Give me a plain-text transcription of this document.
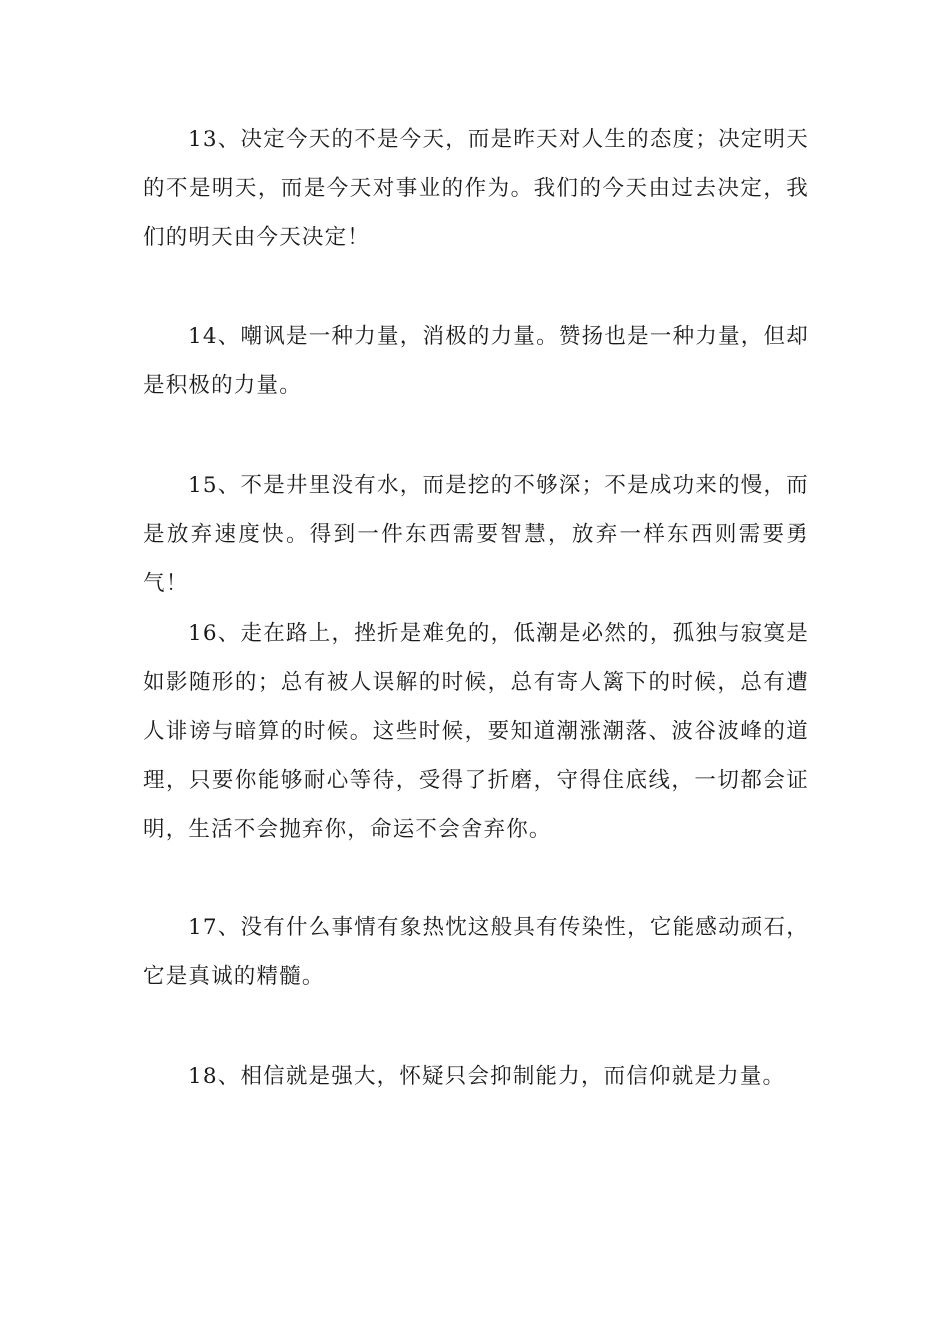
13、决定今天的不是今天，而是昨天对人生的态度；决定明天的不是明天，而是今天对事业的作为。我们的今天由过去决定，我们的明天由今天决定！

14、嘲讽是一种力量，消极的力量。赞扬也是一种力量，但却是积极的力量。

15、不是井里没有水，而是挖的不够深；不是成功来的慢，而是放弃速度快。得到一件东西需要智慧，放弃一样东西则需要勇气！

16、走在路上，挫折是难免的，低潮是必然的，孤独与寂寞是如影随形的；总有被人误解的时候，总有寄人篱下的时候，总有遭人诽谤与暗算的时候。这些时候，要知道潮涨潮落、波谷波峰的道理，只要你能够耐心等待，受得了折磨，守得住底线，一切都会证明，生活不会抛弃你，命运不会舍弃你。

17、没有什么事情有象热忱这般具有传染性，它能感动顽石，它是真诚的精髓。

18、相信就是强大，怀疑只会抑制能力，而信仰就是力量。
